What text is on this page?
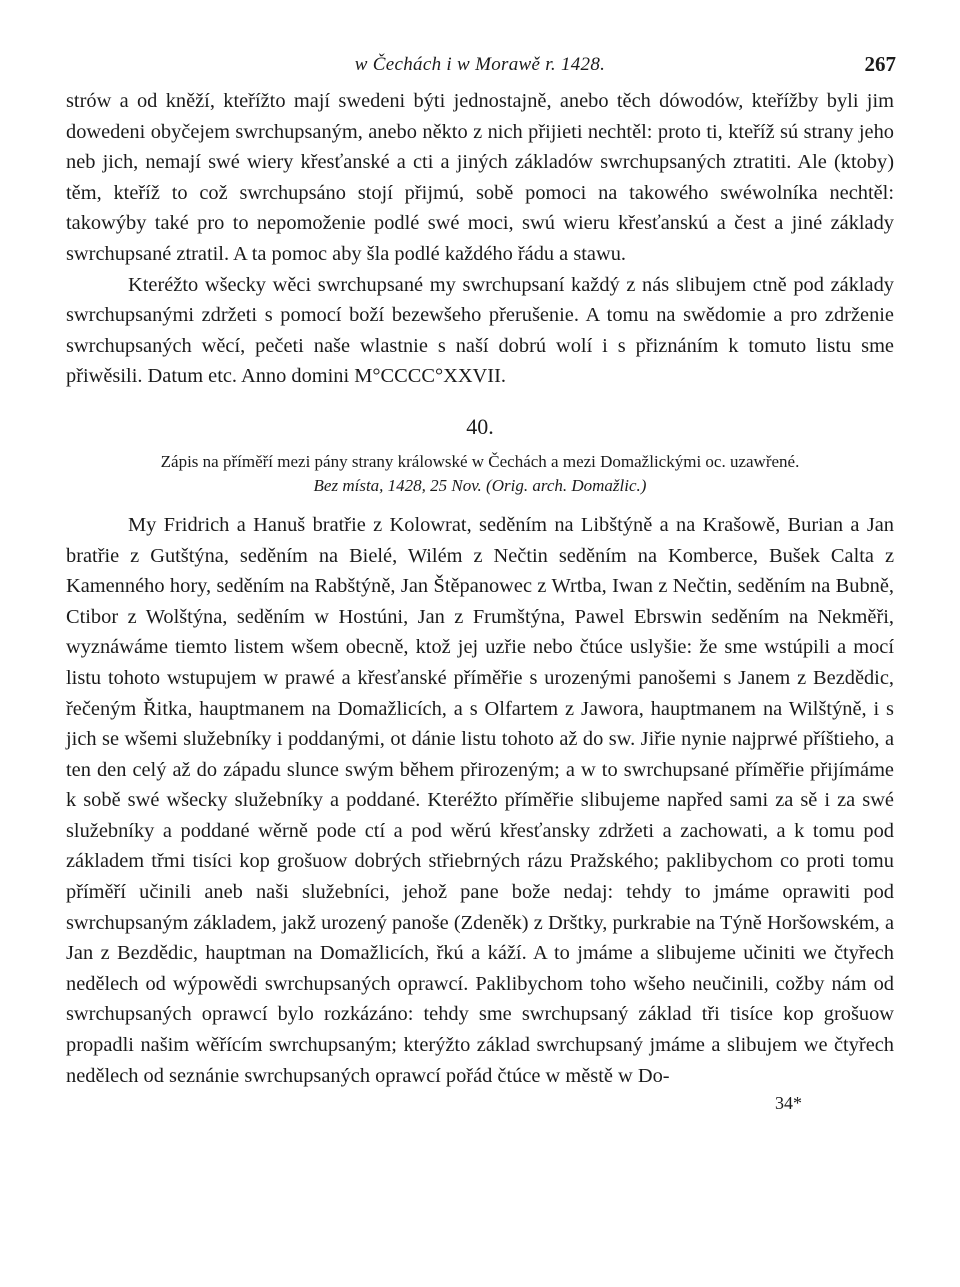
w Čechách i w Morawě r. 1428.	267

strów a od kněží, kteřížto mají swedeni býti jednostajně, anebo těch dówodów, kteřížby byli jim dowedeni obyčejem swrchupsaným, anebo někto z nich přijieti nechtěl: proto ti, kteříž sú strany jeho neb jich, nemají swé wiery křesťanské a cti a jiných základów swrchupsaných ztratiti. Ale (ktoby) těm, kteříž to což swrchupsáno stojí přijmú, sobě pomoci na takowého swéwolníka nechtěl: takowýby také pro to nepomoženie podlé swé moci, swú wieru křesťanskú a čest a jiné základy swrchupsané ztratil. A ta pomoc aby šla podlé každého řádu a stawu.

Kteréžto wšecky wěci swrchupsané my swrchupsaní každý z nás slibujem ctně pod základy swrchupsanými zdržeti s pomocí boží bezewšeho přerušenie. A tomu na swědomie a pro zdrženie swrchupsaných wěcí, pečeti naše wlastnie s naší dobrú wolí i s přiznáním k tomuto listu sme přiwěsili. Datum etc. Anno domini M°CCCC°XXVII.

40.
Zápis na příměří mezi pány strany králowské w Čechách a mezi Domažlickými oc. uzawřené.
Bez místa, 1428, 25 Nov. (Orig. arch. Domažlic.)

My Fridrich a Hanuš bratřie z Kolowrat, seděním na Libštýně a na Krašowě, Burian a Jan bratřie z Gutštýna, seděním na Bielé, Wilém z Nečtin seděním na Komberce, Bušek Calta z Kamenného hory, seděním na Rabštýně, Jan Štěpanowec z Wrtba, Iwan z Nečtin, seděním na Bubně, Ctibor z Wolštýna, seděním w Hostúni, Jan z Frumštýna, Pawel Ebrswin seděním na Nekměři, wyznáwáme tiemto listem wšem obecně, ktož jej uzřie nebo čtúce uslyšie: že sme wstúpili a mocí listu tohoto wstupujem w prawé a křesťanské příměřie s urozenými panošemi s Janem z Bezdědic, řečeným Řitka, hauptmanem na Domažlicích, a s Olfartem z Jawora, hauptmanem na Wilštýně, i s jich se wšemi služebníky i poddanými, ot dánie listu tohoto až do sw. Jiřie nynie najprwé příštieho, a ten den celý až do západu slunce swým během přirozeným; a w to swrchupsané příměřie přijímáme k sobě swé wšecky služebníky a poddané. Kteréžto příměřie slibujeme napřed sami za sě i za swé služebníky a poddané wěrně pode ctí a pod wěrú křesťansky zdržeti a zachowati, a k tomu pod základem třmi tisíci kop grošuow dobrých střiebrných rázu Pražského; paklibychom co proti tomu příměří učinili aneb naši služebníci, jehož pane bože nedaj: tehdy to jmáme oprawiti pod swrchupsaným základem, jakž urozený panoše (Zdeněk) z Drštky, purkrabie na Týně Horšowském, a Jan z Bezdědic, hauptman na Domažlicích, řkú a káží. A to jmáme a slibujeme učiniti we čtyřech nedělech od wýpowědi swrchupsaných oprawcí. Paklibychom toho wšeho neučinili, cožby nám od swrchupsaných oprawcí bylo rozkázáno: tehdy sme swrchupsaný základ tři tisíce kop grošuow propadli našim wěřícím swrchupsaným; kterýžto základ swrchupsaný jmáme a slibujem we čtyřech nedělech od seznánie swrchupsaných oprawcí pořád čtúce w městě w Do-

34*
